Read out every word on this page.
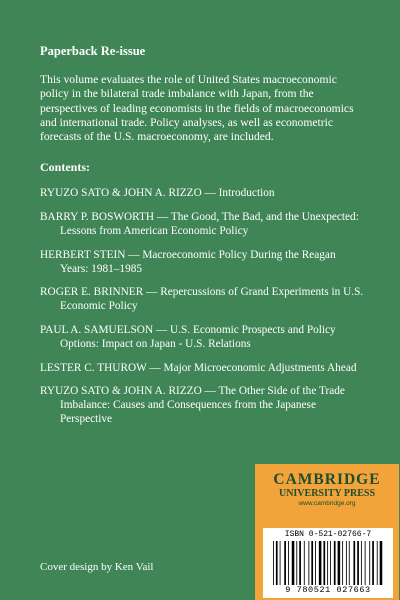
Paperback Re-issue

This volume evaluates the role of United States macroeconomic policy in the bilateral trade imbalance with Japan, from the perspectives of leading economists in the fields of macroeconomics and international trade. Policy analyses, as well as econometric forecasts of the U.S. macroeconomy, are included.

Contents:
RYUZO SATO & JOHN A. RIZZO — Introduction
BARRY P. BOSWORTH — The Good, The Bad, and the Unexpected: Lessons from American Economic Policy
HERBERT STEIN — Macroeconomic Policy During the Reagan Years: 1981–1985
ROGER E. BRINNER — Repercussions of Grand Experiments in U.S. Economic Policy
PAUL A. SAMUELSON — U.S. Economic Prospects and Policy Options: Impact on Japan - U.S. Relations
LESTER C. THUROW — Major Microeconomic Adjustments Ahead
RYUZO SATO & JOHN A. RIZZO — The Other Side of the Trade Imbalance: Causes and Consequences from the Japanese Perspective
Cover design by Ken Vail
CAMBRIDGE
UNIVERSITY PRESS
www.cambridge.org
ISBN 0-521-02766-7
9 780521 027663
